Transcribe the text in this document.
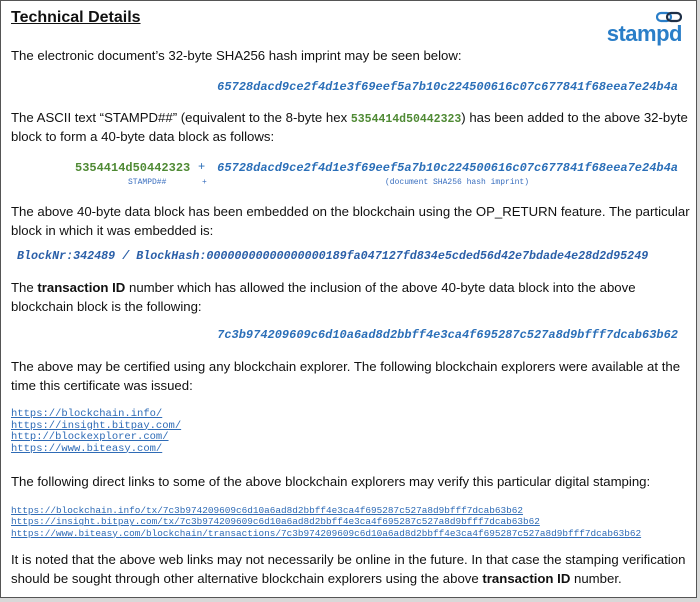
Technical Details
stampd
The electronic document’s 32-byte SHA256 hash imprint may be seen below:
65728dacd9ce2f4d1e3f69eef5a7b10c224500616c07c677841f68eea7e24b4a
The ASCII text “STAMPD##” (equivalent to the 8-byte hex 5354414d50442323) has been added to the above 32-byte
block to form a 40-byte data block as follows:
5354414d50442323 + 65728dacd9ce2f4d1e3f69eef5a7b10c224500616c07c677841f68eea7e24b4a
STAMPD##	+	(document SHA256 hash imprint)
The above 40-byte data block has been embedded on the blockchain using the OP_RETURN feature. The particular
block in which it was embedded is:
BlockNr:342489 / BlockHash:00000000000000000189fa047127fd834e5cded56d42e7bdade4e28d2d95249
The transaction ID number which has allowed the inclusion of the above 40-byte data block into the above
blockchain block is the following:
7c3b974209609c6d10a6ad8d2bbff4e3ca4f695287c527a8d9bfff7dcab63b62
The above may be certified using any blockchain explorer. The following blockchain explorers were available at the
time this certificate was issued:
https://blockchain.info/
https://insight.bitpay.com/
http://blockexplorer.com/
https://www.biteasy.com/
The following direct links to some of the above blockchain explorers may verify this particular digital stamping:
https://blockchain.info/tx/7c3b974209609c6d10a6ad8d2bbff4e3ca4f695287c527a8d9bfff7dcab63b62
https://insight.bitpay.com/tx/7c3b974209609c6d10a6ad8d2bbff4e3ca4f695287c527a8d9bfff7dcab63b62
https://www.biteasy.com/blockchain/transactions/7c3b974209609c6d10a6ad8d2bbff4e3ca4f695287c527a8d9bfff7dcab63b62
It is noted that the above web links may not necessarily be online in the future. In that case the stamping verification
should be sought through other alternative blockchain explorers using the above transaction ID number.
